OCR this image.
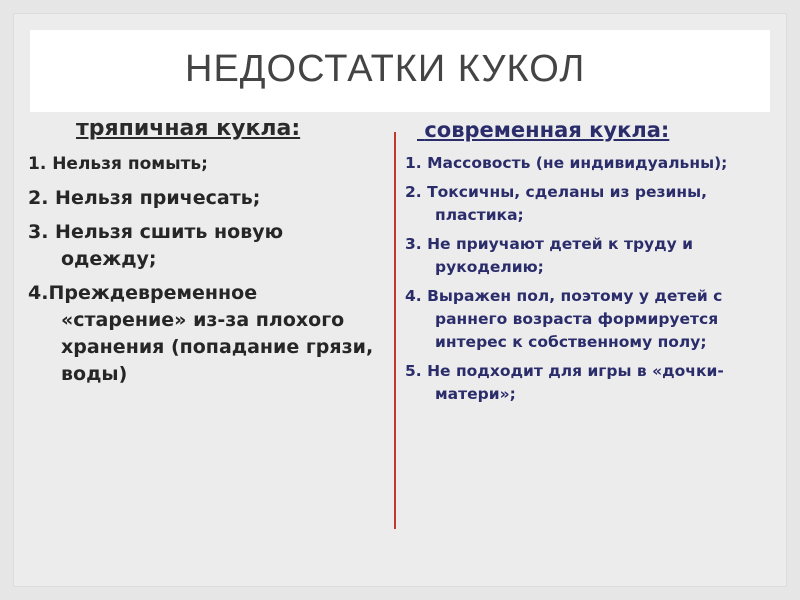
НЕДОСТАТКИ КУКОЛ
тряпичная кукла:
1. Нельзя помыть;
2. Нельзя причесать;
3. Нельзя сшить новую одежду;
4.Преждевременное «старение» из-за плохого хранения (попадание грязи, воды)
современная кукла:
1. Массовость (не индивидуальны);
2. Токсичны, сделаны из резины, пластика;
3. Не приучают детей к труду и рукоделию;
4. Выражен пол, поэтому у детей с раннего возраста формируется интерес к собственному полу;
5. Не подходит для игры в «дочки-матери»;
